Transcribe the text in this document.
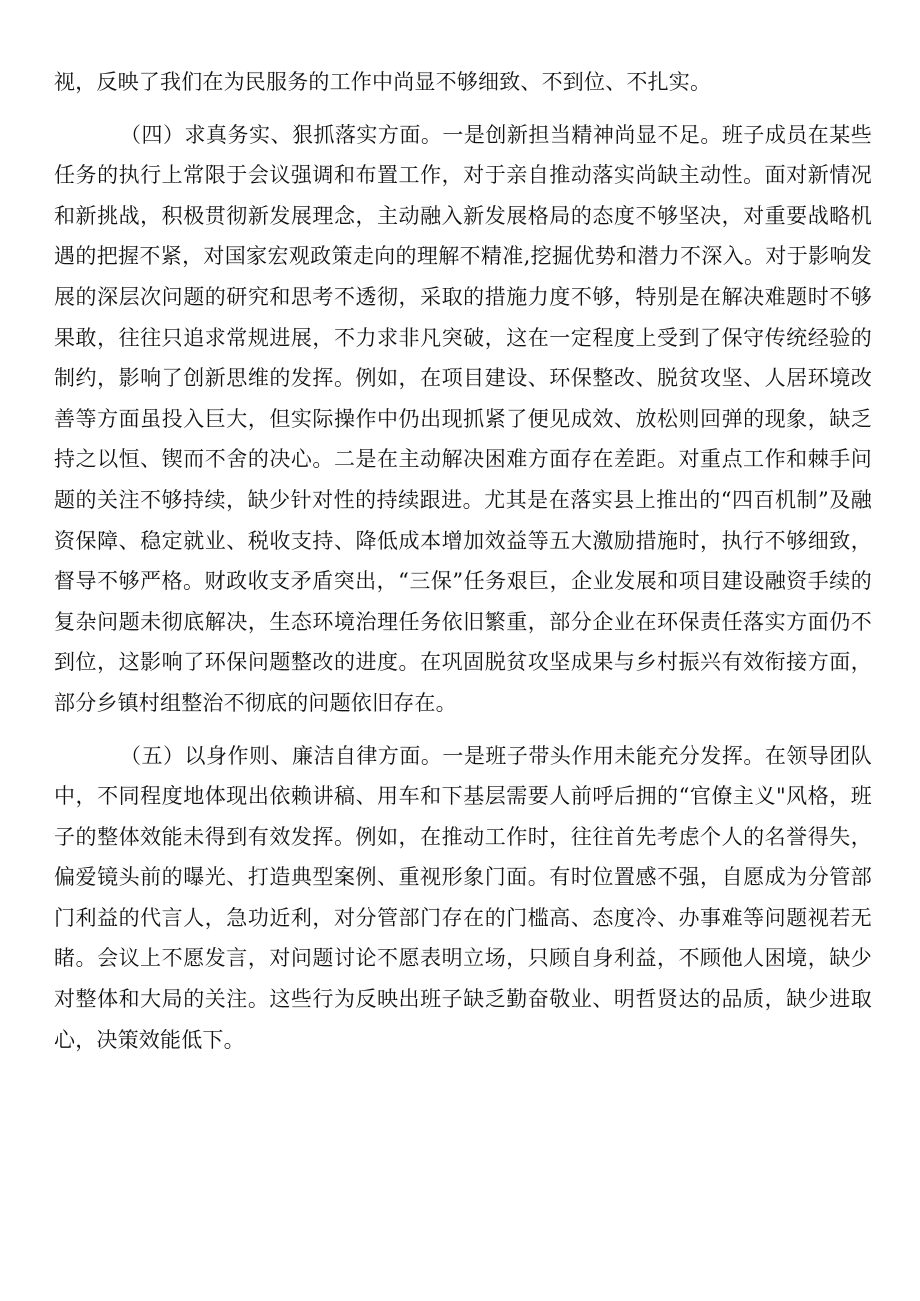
视，反映了我们在为民服务的工作中尚显不够细致、不到位、不扎实。

（四）求真务实、狠抓落实方面。一是创新担当精神尚显不足。班子成员在某些任务的执行上常限于会议强调和布置工作，对于亲自推动落实尚缺主动性。面对新情况和新挑战，积极贯彻新发展理念，主动融入新发展格局的态度不够坚决，对重要战略机遇的把握不紧，对国家宏观政策走向的理解不精准,挖掘优势和潜力不深入。对于影响发展的深层次问题的研究和思考不透彻，采取的措施力度不够，特别是在解决难题时不够果敢，往往只追求常规进展，不力求非凡突破，这在一定程度上受到了保守传统经验的制约，影响了创新思维的发挥。例如，在项目建设、环保整改、脱贫攻坚、人居环境改善等方面虽投入巨大，但实际操作中仍出现抓紧了便见成效、放松则回弹的现象，缺乏持之以恒、锲而不舍的决心。二是在主动解决困难方面存在差距。对重点工作和棘手问题的关注不够持续，缺少针对性的持续跟进。尤其是在落实县上推出的“四百机制”及融资保障、稳定就业、税收支持、降低成本增加效益等五大激励措施时，执行不够细致，督导不够严格。财政收支矛盾突出，“三保”任务艰巨，企业发展和项目建设融资手续的复杂问题未彻底解决，生态环境治理任务依旧繁重，部分企业在环保责任落实方面仍不到位，这影响了环保问题整改的进度。在巩固脱贫攻坚成果与乡村振兴有效衔接方面，部分乡镇村组整治不彻底的问题依旧存在。

（五）以身作则、廉洁自律方面。一是班子带头作用未能充分发挥。在领导团队中，不同程度地体现出依赖讲稿、用车和下基层需要人前呼后拥的“官僚主义"风格，班子的整体效能未得到有效发挥。例如，在推动工作时，往往首先考虑个人的名誉得失，偏爱镜头前的曝光、打造典型案例、重视形象门面。有时位置感不强，自愿成为分管部门利益的代言人，急功近利，对分管部门存在的门槛高、态度冷、办事难等问题视若无睹。会议上不愿发言，对问题讨论不愿表明立场，只顾自身利益，不顾他人困境，缺少对整体和大局的关注。这些行为反映出班子缺乏勤奋敬业、明哲贤达的品质，缺少进取心，决策效能低下。
